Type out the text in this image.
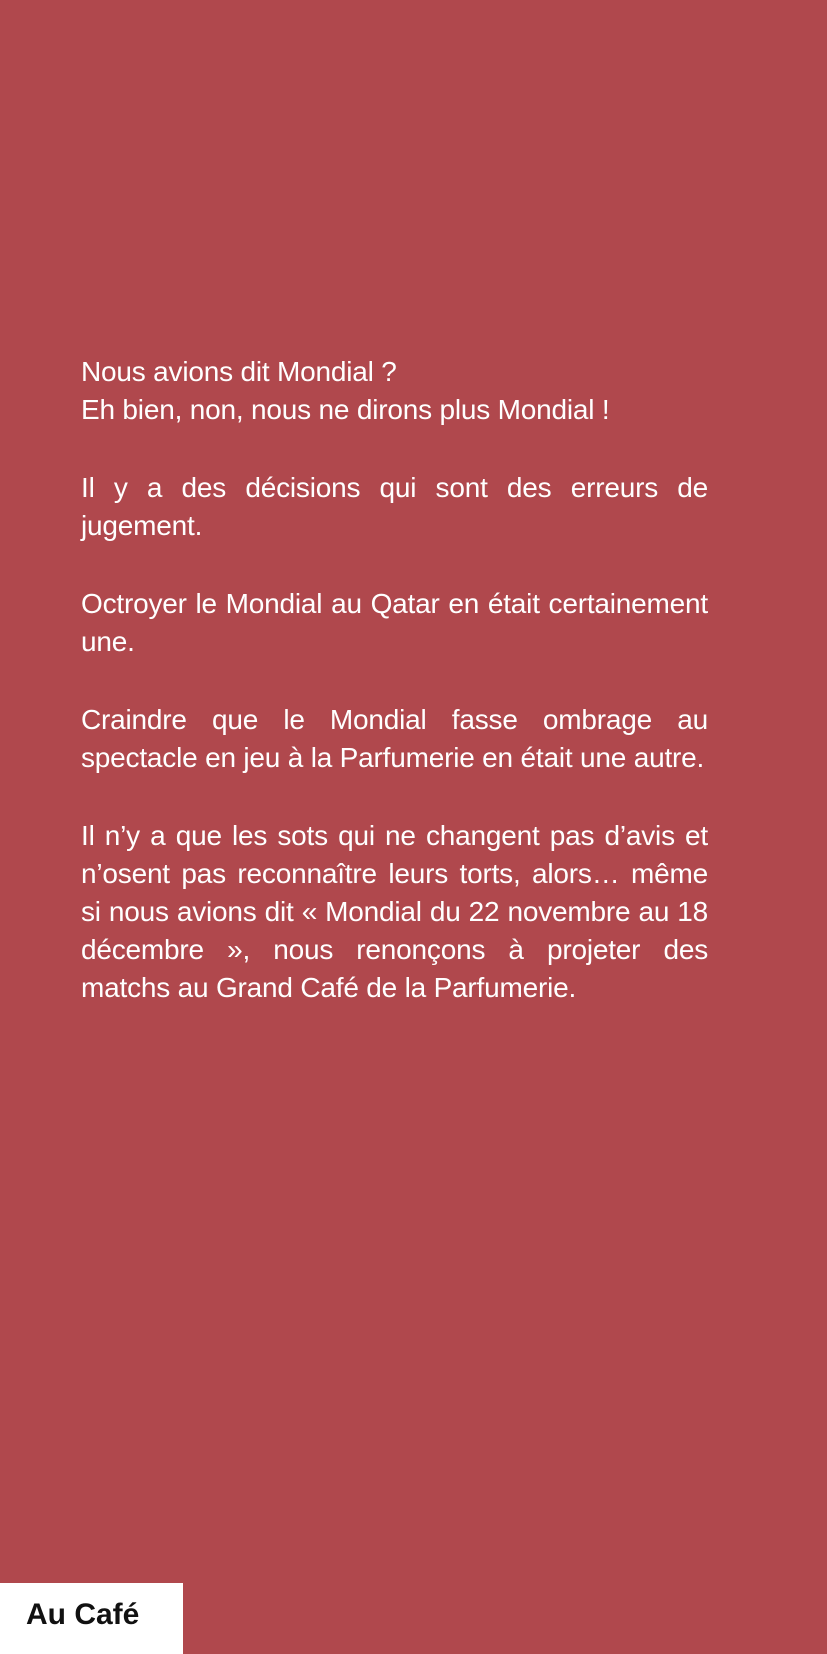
Nous avions dit Mondial ?
Eh bien, non, nous ne dirons plus Mondial !

Il y a des décisions qui sont des erreurs de jugement.

Octroyer le Mondial au Qatar en était certainement une.

Craindre que le Mondial fasse ombrage au spectacle en jeu à la Parfumerie en était une autre.

Il n’y a que les sots qui ne changent pas d’avis et n’osent pas reconnaître leurs torts, alors… même si nous avions dit « Mondial du 22 novembre au 18 décembre », nous renonçons à projeter des matchs au Grand Café de la Parfumerie.

Au Café
